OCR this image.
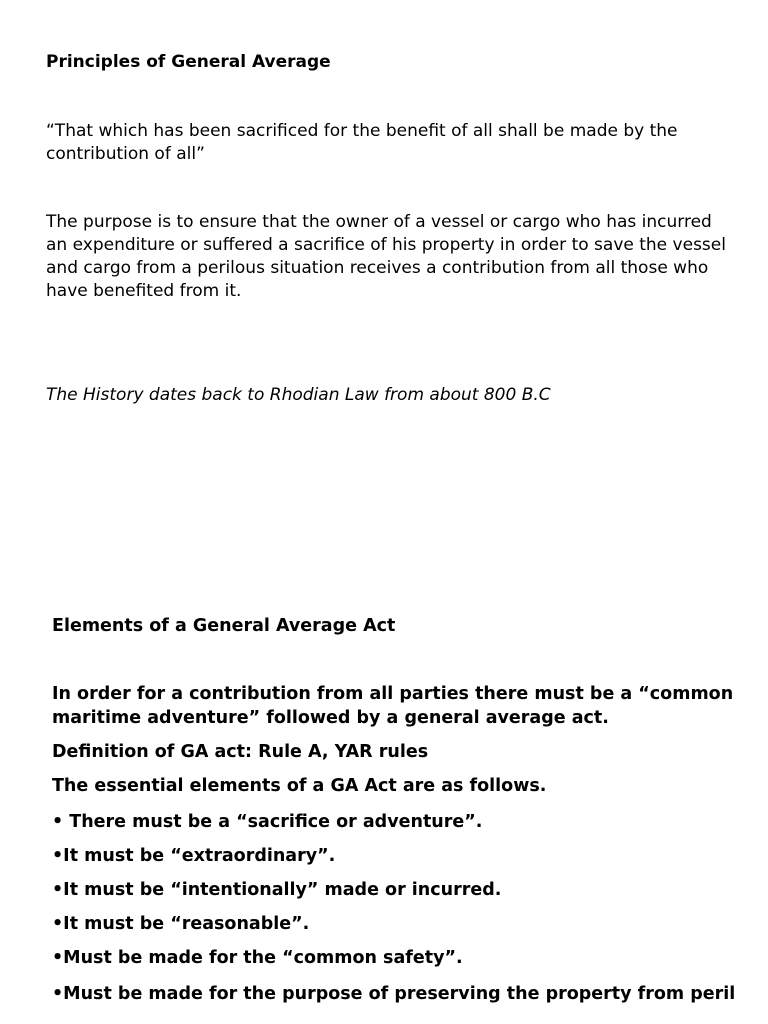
Principles of General Average

“That which has been sacrificed for the benefit of all shall be made by the contribution of all”

The purpose is to ensure that the owner of a vessel or cargo who has incurred an expenditure or suffered a sacrifice of his property in order to save the vessel and cargo from a perilous situation receives a contribution from all those who have benefited from it.

The History dates back to Rhodian Law from about 800 B.C

Elements of a General Average Act

In order for a contribution from all parties there must be a “common maritime adventure” followed by a general average act.

Definition of GA act: Rule A, YAR rules

The essential elements of a GA Act are as follows.

• There must be a “sacrifice or adventure”.

•It must be “extraordinary”.

•It must be “intentionally” made or incurred.

•It must be “reasonable”.

•Must be made for the “common safety”.

•Must be made for the purpose of preserving the property from peril
